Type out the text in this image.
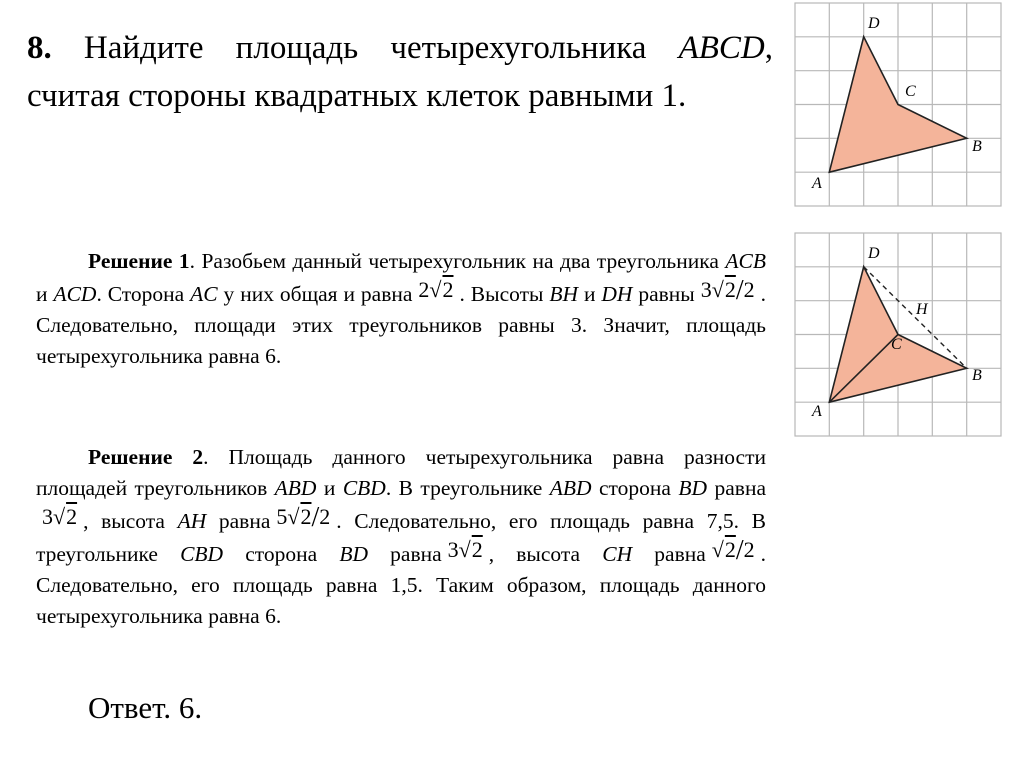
8. Найдите площадь четырехугольника ABCD, считая стороны квадратных клеток равными 1.
A
B
C
D
Решение 1. Разобьем данный четырехугольник на два треугольника ACB и ACD. Сторона AC у них общая и равна 2√2 . Высоты BH и DH равны 3√2/2 . Следовательно, площади этих треугольников равны 3. Значит, площадь четырехугольника равна 6.
A
B
C
D
H
Решение 2. Площадь данного четырехугольника равна разности площадей треугольников ABD и CBD. В треугольнике ABD сторона BD равна3√2 , высота AH равна 5√2/2 . Следовательно, его площадь равна 7,5. В треугольнике CBD сторона BD равна 3√2 , высота CH равна √2/2 . Следовательно, его площадь равна 1,5. Таким образом, площадь данного четырехугольника равна 6.
Ответ. 6.
